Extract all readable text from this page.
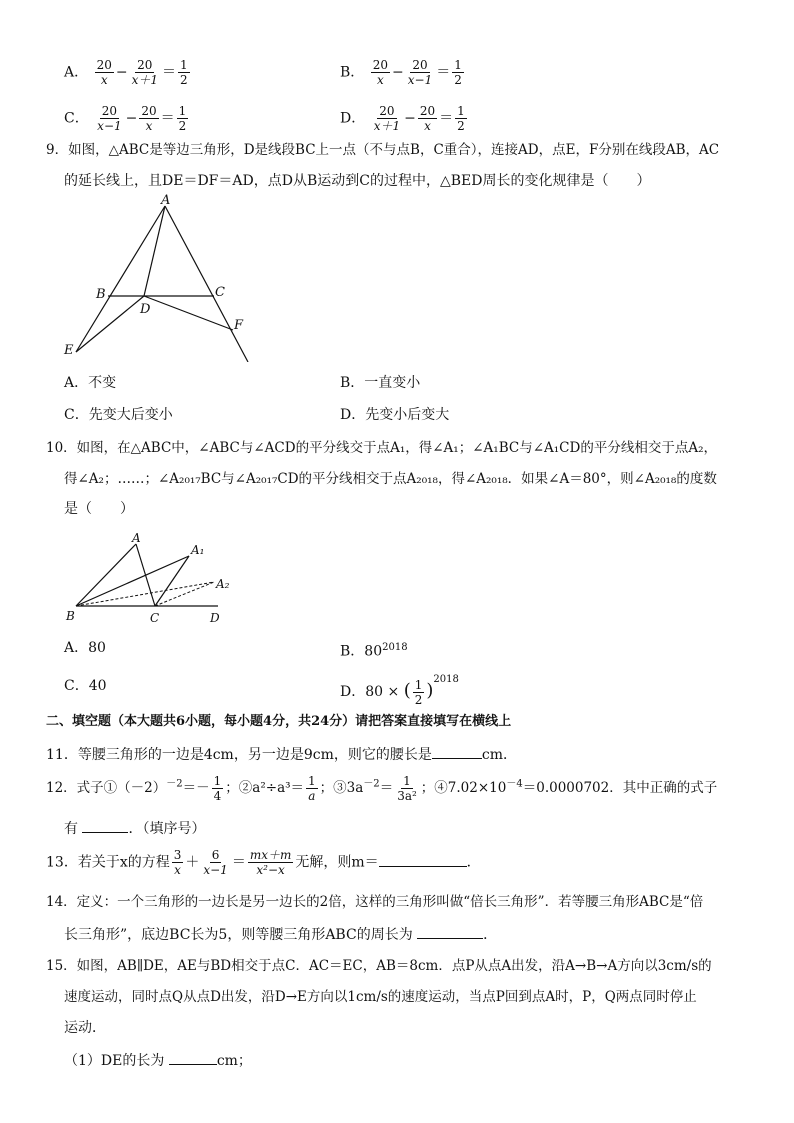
A． $\frac{20}{x} - \frac{20}{x+1} = \frac{1}{2}$	B． $\frac{20}{x} - \frac{20}{x-1} = \frac{1}{2}$
C． $\frac{20}{x-1} - \frac{20}{x} = \frac{1}{2}$	D． $\frac{20}{x+1} - \frac{20}{x} = \frac{1}{2}$
9．如图，△ABC是等边三角形，D是线段BC上一点（不与点B，C重合），连接AD，点E，F分别在线段AB，AC
的延长线上，且DE＝DF＝AD，点D从B运动到C的过程中，△BED周长的变化规律是（　　）
A
B	C
D
E
F
A．不变	B．一直变小
C．先变大后变小	D．先变小后变大
10．如图，在△ABC中，∠ABC与∠ACD的平分线交于点A₁，得∠A₁；∠A₁BC与∠A₁CD的平分线相交于点A₂，
得∠A₂；……；∠A₂₀₁₇BC与∠A₂₀₁₇CD的平分线相交于点A₂₀₁₈，得∠A₂₀₁₈．如果∠A＝80°，则∠A₂₀₁₈的度数
是（　　）
A
A₁
A₂
B	C	D
A．80	B．$80^{2018}$
C．40	D．80 × ( $\frac{1}{2} )^{2018}$
二、填空题（本大题共6小题，每小题4分，共24分）请把答案直接填写在横线上
11．等腰三角形的一边是4cm，另一边是9cm，则它的腰长是	cm．
12．式子$①(-2)^{-2}=- \frac{1}{4}$ ；②a²÷a³＝ $\frac{1}{a}$ ；$③3a^{-2}= \frac{1}{\text{3a²}}$ ；$④7.02\times 10^{-4}=0.0000702$．其中正确的式子
有	．（填序号）
13．若关于x的方程 $\frac{3}{x} + \frac{6}{x-1} = \frac{mx+m}{\text{x²−x}}$ 无解，则m＝	．
14．定义：一个三角形的一边长是另一边长的2倍，这样的三角形叫做“倍长三角形”．若等腰三角形ABC是“倍
长三角形”，底边BC长为5，则等腰三角形ABC的周长为	．
15．如图，AB∥DE，AE与BD相交于点C．AC＝EC，AB＝8cm．点P从点A出发，沿A→B→A方向以3cm/s的
速度运动，同时点Q从点D出发，沿D→E方向以1cm/s的速度运动，当点P回到点A时，P，Q两点同时停止
运动．
（1）DE的长为	cm；
